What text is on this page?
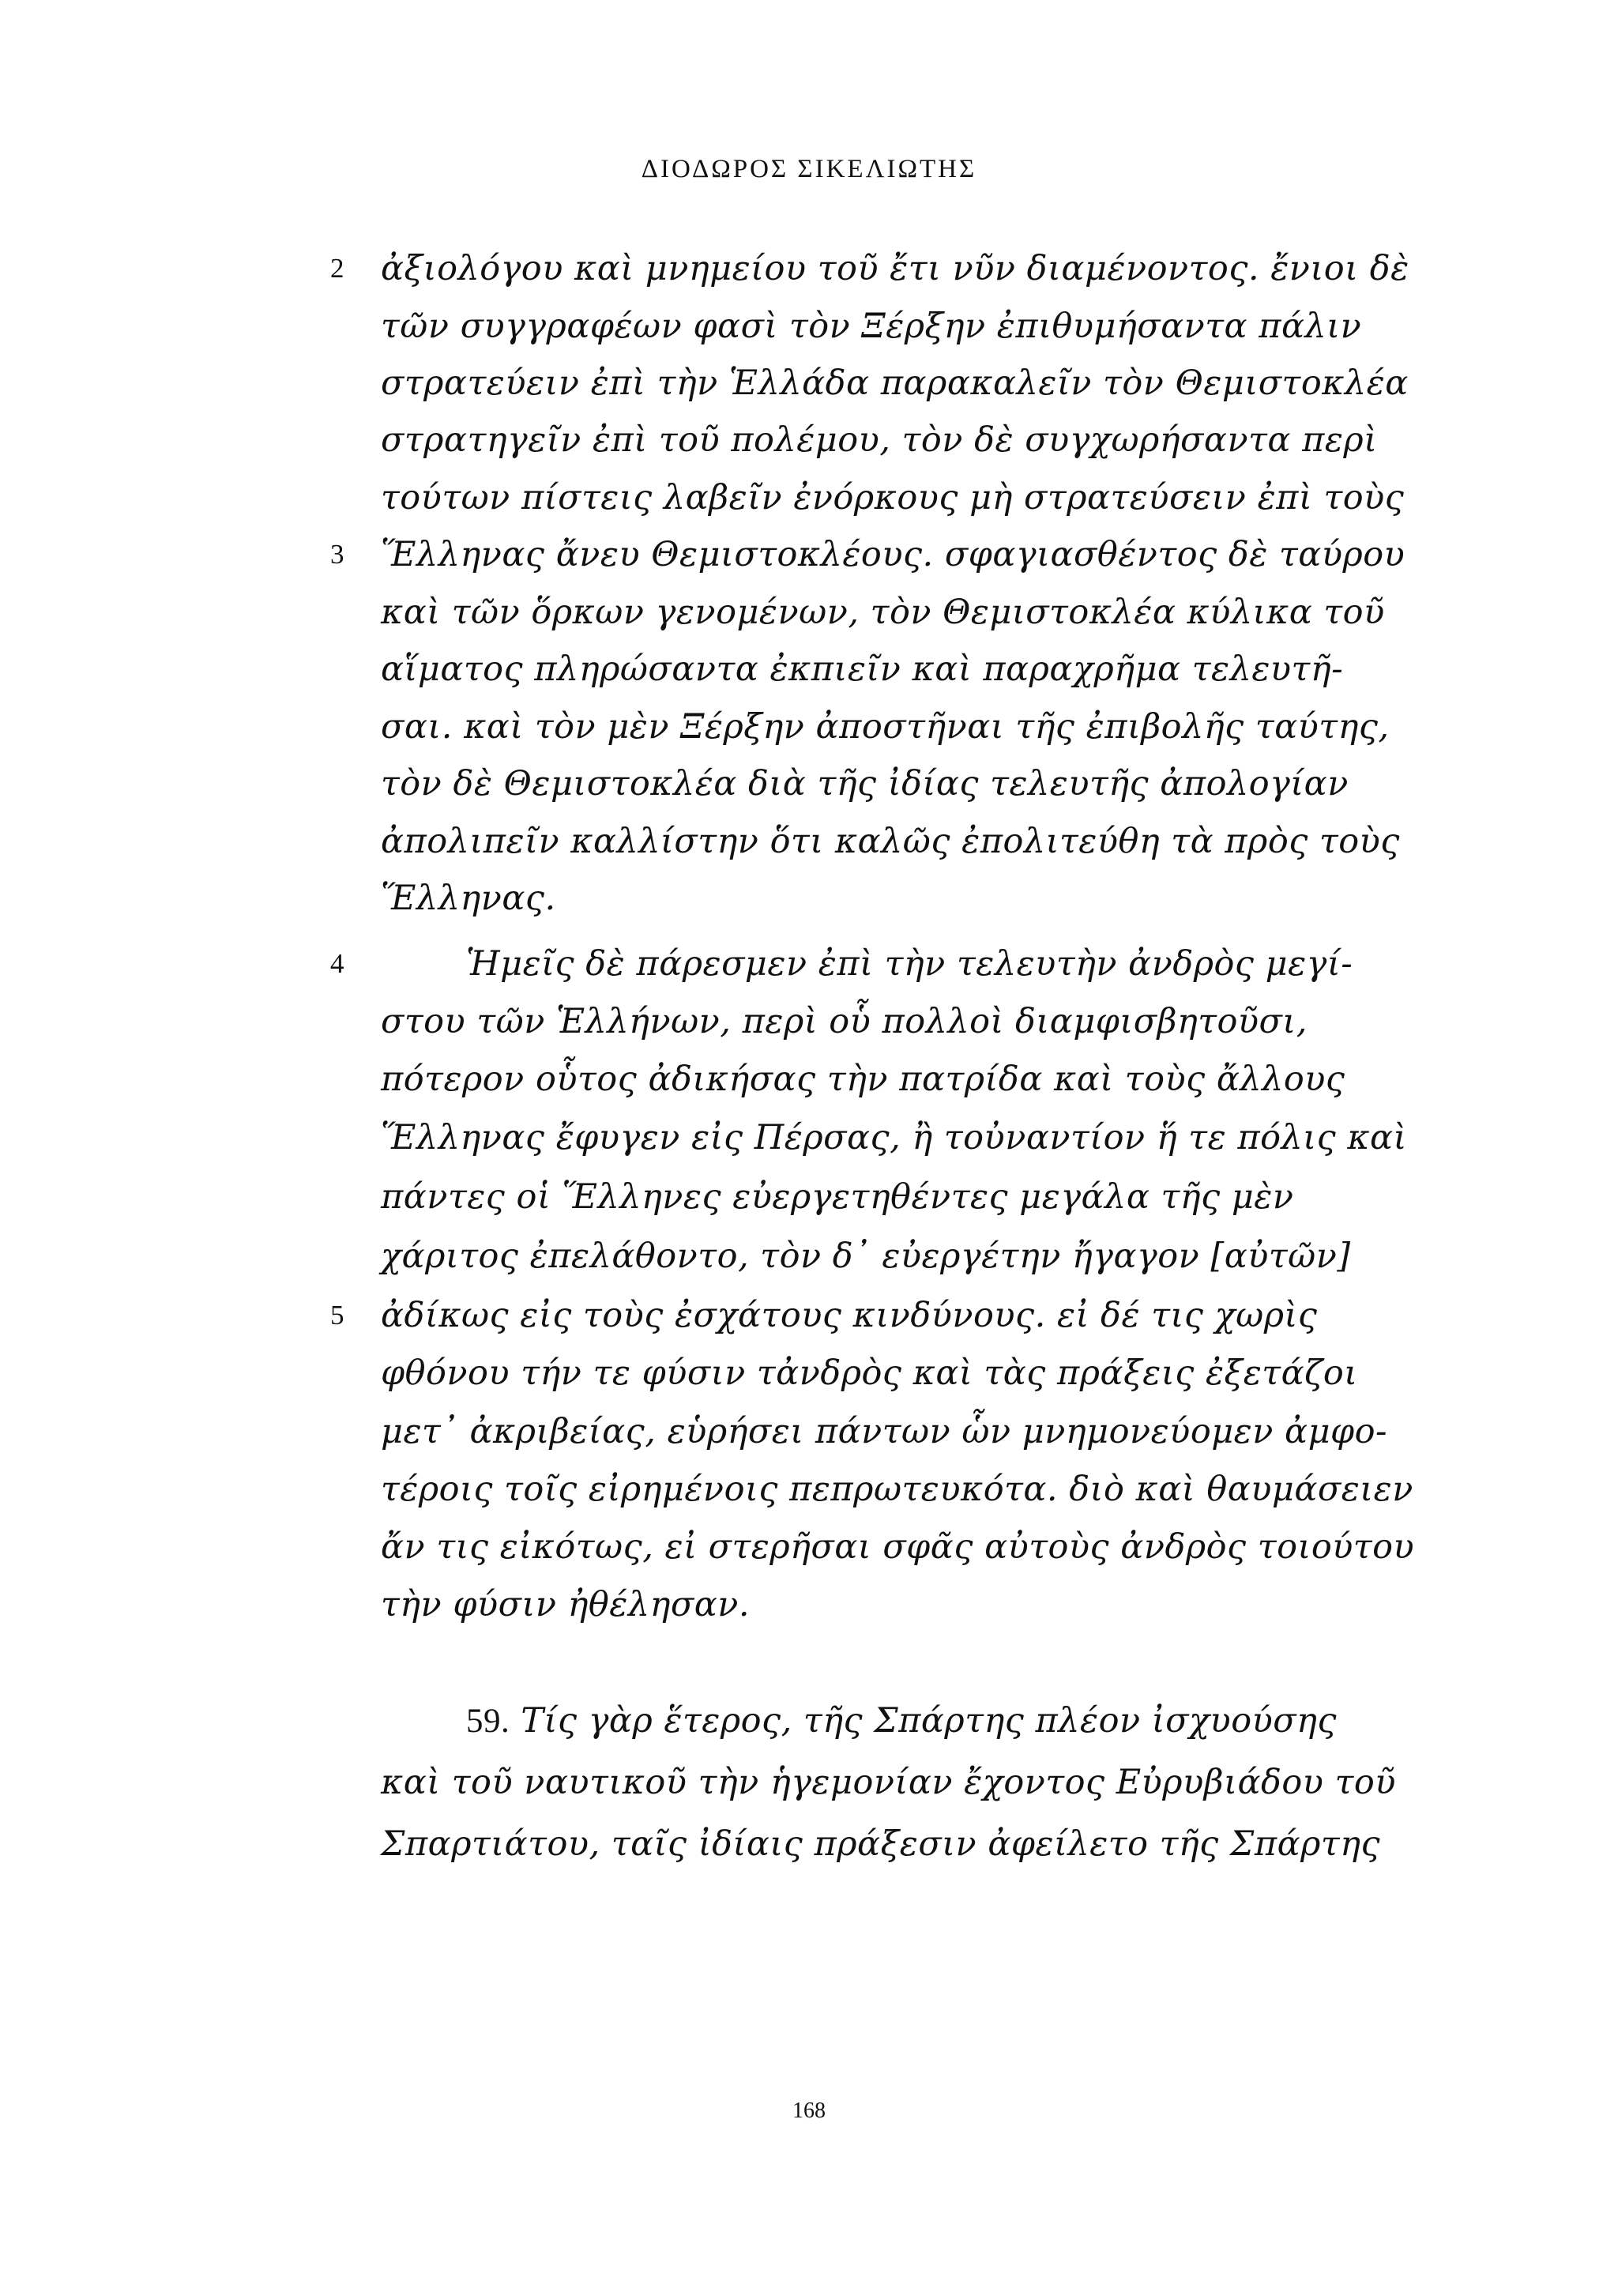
ΔΙΟΔΩΡΟΣ ΣΙΚΕΛΙΩΤΗΣ
2
3
4
5
ἀξιολόγου καὶ μνημείου τοῦ ἔτι νῦν διαμένοντος. ἔνιοι δὲ
τῶν συγγραφέων φασὶ τὸν Ξέρξην ἐπιθυμήσαντα πάλιν
στρατεύειν ἐπὶ τὴν Ἑλλάδα παρακαλεῖν τὸν Θεμιστοκλέα
στρατηγεῖν ἐπὶ τοῦ πολέμου, τὸν δὲ συγχωρήσαντα περὶ
τούτων πίστεις λαβεῖν ἐνόρκους μὴ στρατεύσειν ἐπὶ τοὺς
Ἕλληνας ἄνευ Θεμιστοκλέους. σφαγιασθέντος δὲ ταύρου
καὶ τῶν ὅρκων γενομένων, τὸν Θεμιστοκλέα κύλικα τοῦ
αἵματος πληρώσαντα ἐκπιεῖν καὶ παραχρῆμα τελευτῆ-
σαι. καὶ τὸν μὲν Ξέρξην ἀποστῆναι τῆς ἐπιβολῆς ταύτης,
τὸν δὲ Θεμιστοκλέα διὰ τῆς ἰδίας τελευτῆς ἀπολογίαν
ἀπολιπεῖν καλλίστην ὅτι καλῶς ἐπολιτεύθη τὰ πρὸς τοὺς
Ἕλληνας.
Ἡμεῖς δὲ πάρεσμεν ἐπὶ τὴν τελευτὴν ἀνδρὸς μεγί-
στου τῶν Ἑλλήνων, περὶ οὗ πολλοὶ διαμφισβητοῦσι,
πότερον οὗτος ἀδικήσας τὴν πατρίδα καὶ τοὺς ἄλλους
Ἕλληνας ἔφυγεν εἰς Πέρσας, ἢ τοὐναντίον ἥ τε πόλις καὶ
πάντες οἱ Ἕλληνες εὐεργετηθέντες μεγάλα τῆς μὲν
χάριτος ἐπελάθοντο, τὸν δ᾽ εὐεργέτην ἤγαγον [αὐτῶν]
ἀδίκως εἰς τοὺς ἐσχάτους κινδύνους. εἰ δέ τις χωρὶς
φθόνου τήν τε φύσιν τἀνδρὸς καὶ τὰς πράξεις ἐξετάζοι
μετ᾽ ἀκριβείας, εὑρήσει πάντων ὧν μνημονεύομεν ἀμφο-
τέροις τοῖς εἰρημένοις πεπρωτευκότα. διὸ καὶ θαυμάσειεν
ἄν τις εἰκότως, εἰ στερῆσαι σφᾶς αὐτοὺς ἀνδρὸς τοιούτου
τὴν φύσιν ἠθέλησαν.
59. Τίς γὰρ ἕτερος, τῆς Σπάρτης πλέον ἰσχυούσης
καὶ τοῦ ναυτικοῦ τὴν ἡγεμονίαν ἔχοντος Εὐρυβιάδου τοῦ
Σπαρτιάτου, ταῖς ἰδίαις πράξεσιν ἀφείλετο τῆς Σπάρτης
168
